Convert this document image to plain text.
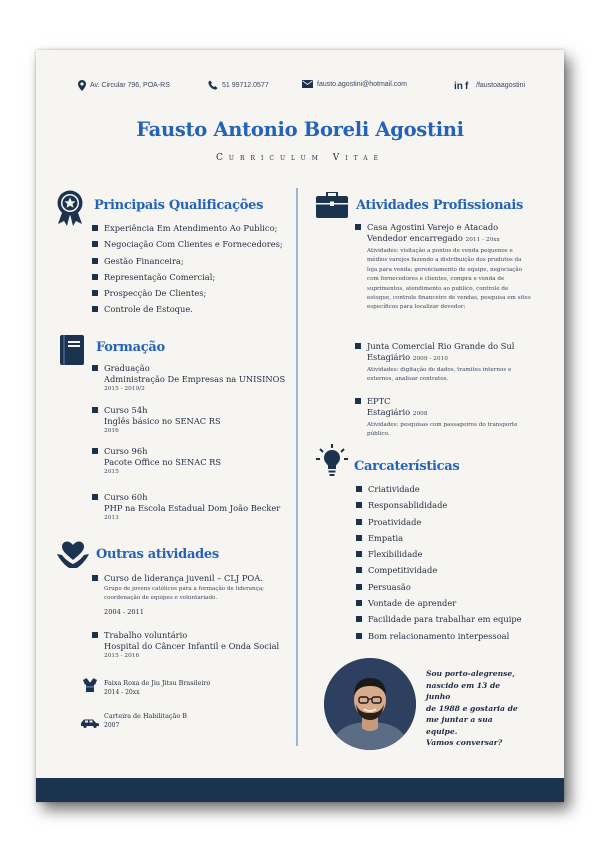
Av. Circular 796, POA-RS	51 99712.0577	fausto.agostini@hotmail.com	in f /faustoaagostini
Fausto Antonio Boreli Agostini
Curriculum Vitae
Principais Qualificações
Experiência Em Atendimento Ao Publico;
Negociação Com Clientes e Fornecedores;
Gestão Financeira;
Representação Comercial;
Prospecção De Clientes;
Controle de Estoque.
Formação
Graduação
Administração De Empresas na UNISINOS
2015 - 2019/2
Curso 54h
Inglês básico no SENAC RS
2016
Curso 96h
Pacote Office no SENAC RS
2015
Curso 60h
PHP na Escola Estadual Dom João Becker
2013
Outras atividades
Curso de liderança juvenil – CLJ POA.
Grupo de jovens católicos para a formação de liderança;
coordenação de equipes e voluntariado.
2004 - 2011
Trabalho voluntário
Hospital do Câncer Infantil e Onda Social
2015 - 2016
Faixa Roxa de Jiu Jitsu Brasileiro
2014 - 20xx
Carteira de Habilitação B
2007
Atividades Profissionais
Casa Agostini Varejo e Atacado
Vendedor encarregado 2011 - 20xx
Atividades: visitação a pontos de venda pequenos e
médios varejos fazendo a distribuição dos produtos da
loja para venda; gerenciamento de equipe, negociação
com fornecedores e clientes, compra e venda de
suprimentos, atendimento ao publico, controle de
estoque, controle financeiro de vendas, pesquisa em sites
específicos para localizar devedor;
Junta Comercial Rio Grande do Sul
Estagiário 2009 - 2010
Atividades: digitação de dados, tramites internos e
externos, analisar contratos.
EPTC
Estagiário 2008
Atividades: pesquisas com passageiros do transporte
público.
Carcaterísticas
Criatividade
Responsablididade
Proatividade
Empatia
Flexibilidade
Competitividade
Persuasão
Vontade de aprender
Facilidade para trabalhar em equipe
Bom relacionamento interpessoal
Sou porto-alegrense,
nascido em 13 de junho
de 1988 e gostaria de
me juntar a sua equipe.
Vamos conversar?
